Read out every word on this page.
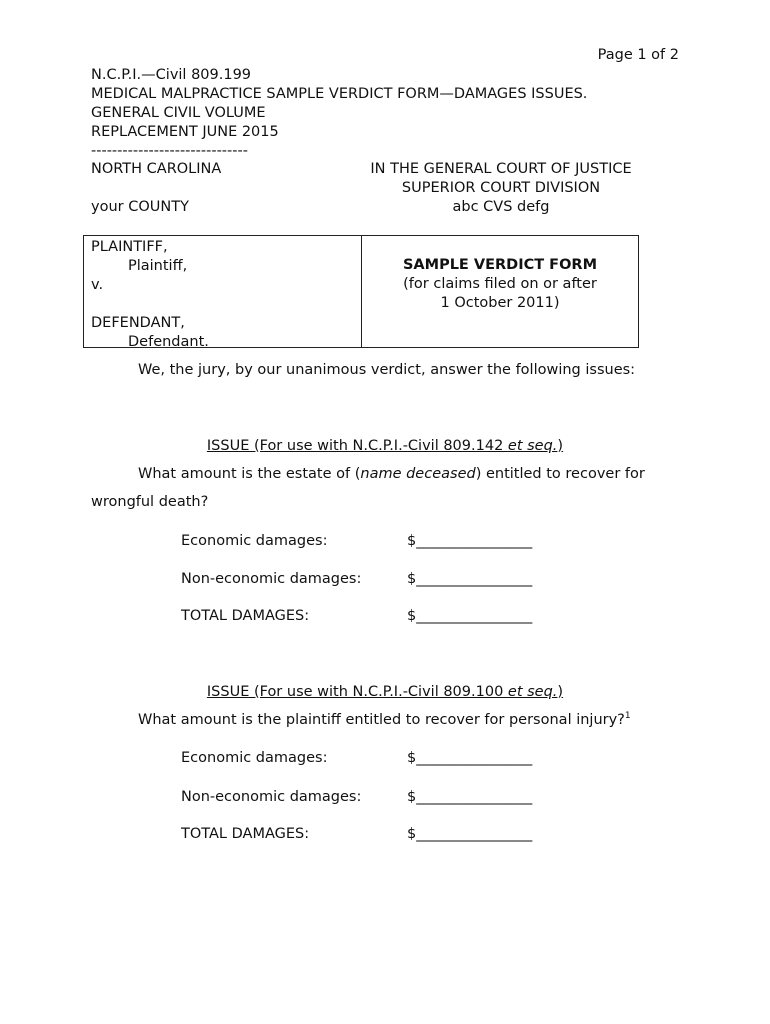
Page 1 of 2
N.C.P.I.—Civil 809.199
MEDICAL MALPRACTICE SAMPLE VERDICT FORM—DAMAGES ISSUES.
GENERAL CIVIL VOLUME
REPLACEMENT JUNE 2015
------------------------------
NORTH CAROLINA	IN THE GENERAL COURT OF JUSTICE
SUPERIOR COURT DIVISION
your COUNTY	abc CVS defg
PLAINTIFF,
Plaintiff,
v.
DEFENDANT,
Defendant.
SAMPLE VERDICT FORM
(for claims filed on or after
1 October 2011)
We, the jury, by our unanimous verdict, answer the following issues:
ISSUE (For use with N.C.P.I.-Civil 809.142 et seq.)
What amount is the estate of (name deceased) entitled to recover for
wrongful death?
Economic damages:	$________________
Non-economic damages:	$________________
TOTAL DAMAGES:	$________________
ISSUE (For use with N.C.P.I.-Civil 809.100 et seq.)
What amount is the plaintiff entitled to recover for personal injury?$^1$
Economic damages:	$________________
Non-economic damages:	$________________
TOTAL DAMAGES:	$________________
